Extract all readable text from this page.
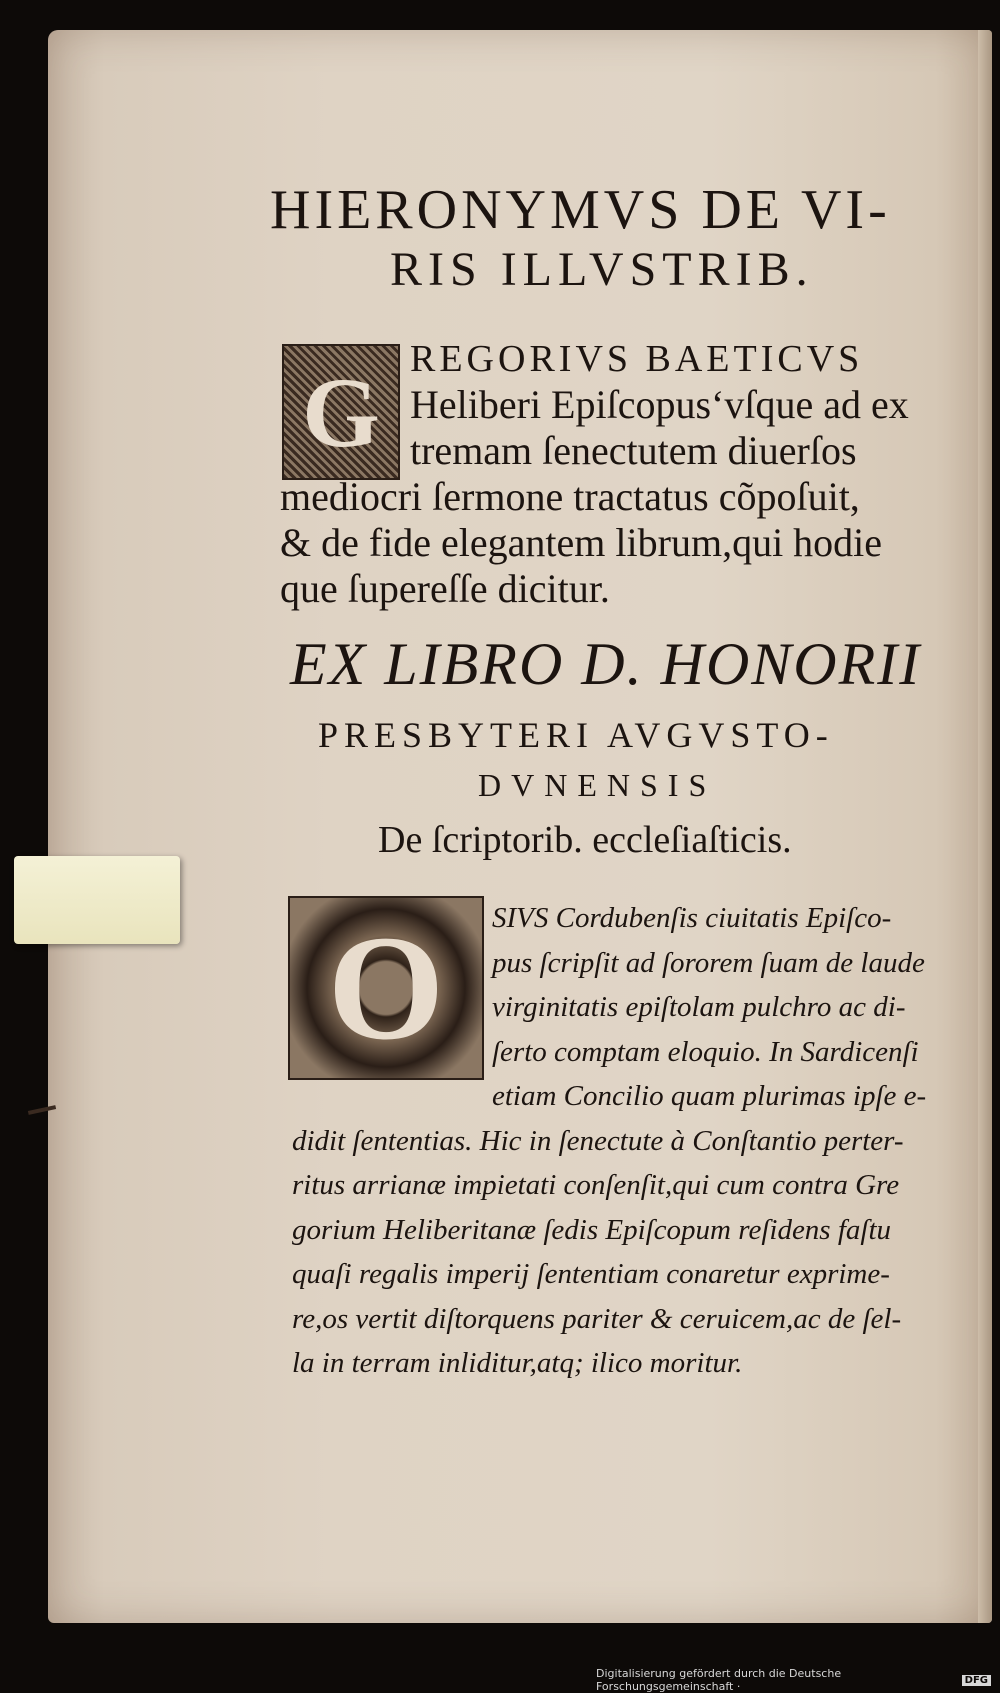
HIERONYMVS DE VI-
RIS ILLVSTRIB.
G REGORIVS BAETICVS
Heliberi Epiſcopus‘vſque ad ex
tremam ſenectutem diuerſos
mediocri ſermone tractatus cõpoſuit,
& de fide elegantem librum,qui hodie
que ſupereſſe dicitur.
EX LIBRO D. HONORII
PRESBYTERI AVGVSTO-
DVNENSIS
De ſcriptorib. eccleſiaſticis.
O	SIVS Cordubenſis ciuitatis Epiſco-
pus ſcripſit ad ſororem ſuam de laude
virginitatis epiſtolam pulchro ac di-
ſerto comptam eloquio. In Sardicenſi
etiam Concilio quam plurimas ipſe e-
didit ſententias. Hic in ſenectute à Conſtantio perter-
ritus arrianæ impietati conſenſit,qui cum contra Gre
gorium Heliberitanæ ſedis Epiſcopum reſidens faſtu
quaſi regalis imperij ſententiam conaretur exprime-
re,os vertit diſtorquens pariter & ceruicem,ac de ſel-
la in terram inliditur,atq; ilico moritur.
Digitalisierung gefördert durch die Deutsche Forschungsgemeinschaft ·	DFG
